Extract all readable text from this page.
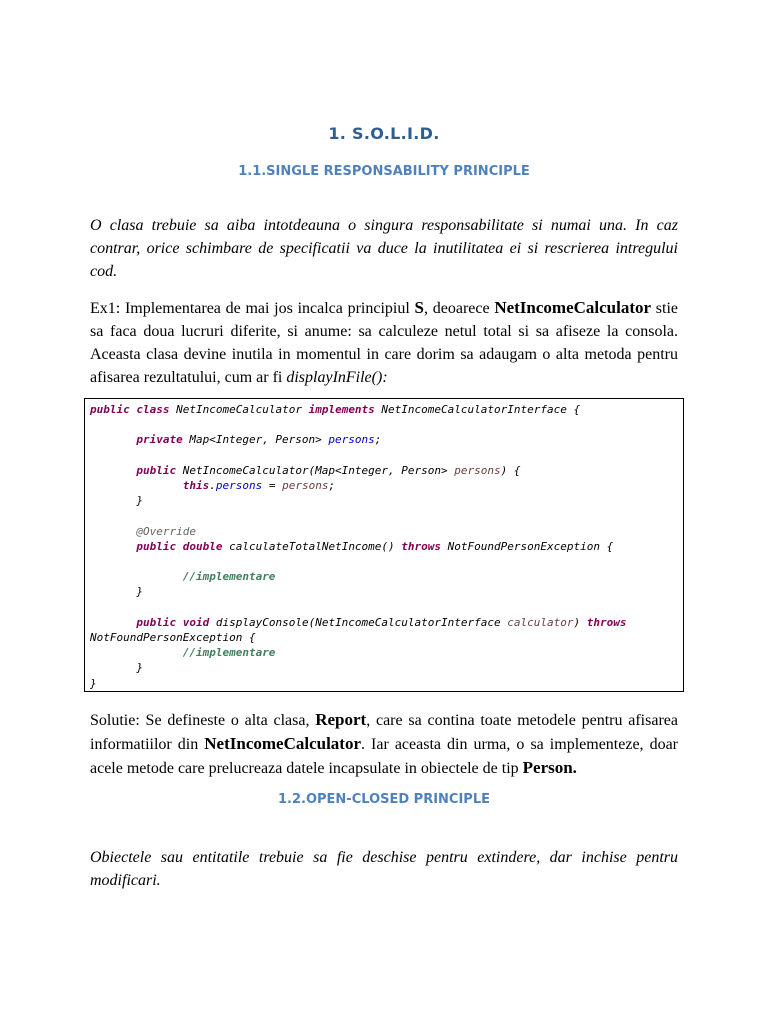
1. S.O.L.I.D.
1.1.SINGLE RESPONSABILITY PRINCIPLE
O clasa trebuie sa aiba intotdeauna o singura responsabilitate si numai una. In caz
contrar, orice schimbare de specificatii va duce la inutilitatea ei si rescrierea intregului
cod.
Ex1: Implementarea de mai jos incalca principiul S, deoarece NetIncomeCalculator stie
sa faca doua lucruri diferite, si anume: sa calculeze netul total si sa afiseze la consola.
Aceasta clasa devine inutila in momentul in care dorim sa adaugam o alta metoda pentru
afisarea rezultatului, cum ar fi displayInFile():
public class NetIncomeCalculator implements NetIncomeCalculatorInterface {

private Map<Integer, Person> persons;

public NetIncomeCalculator(Map<Integer, Person> persons) {
this.persons = persons;
}

@Override
public double calculateTotalNetIncome() throws NotFoundPersonException {

//implementare
}

public void displayConsole(NetIncomeCalculatorInterface calculator) throws
NotFoundPersonException {
//implementare
}
}
Solutie: Se defineste o alta clasa, Report, care sa contina toate metodele pentru afisarea
informatiilor din NetIncomeCalculator. Iar aceasta din urma, o sa implementeze, doar
acele metode care prelucreaza datele incapsulate in obiectele de tip Person.
1.2.OPEN-CLOSED PRINCIPLE
Obiectele sau entitatile trebuie sa fie deschise pentru extindere, dar inchise pentru
modificari.
